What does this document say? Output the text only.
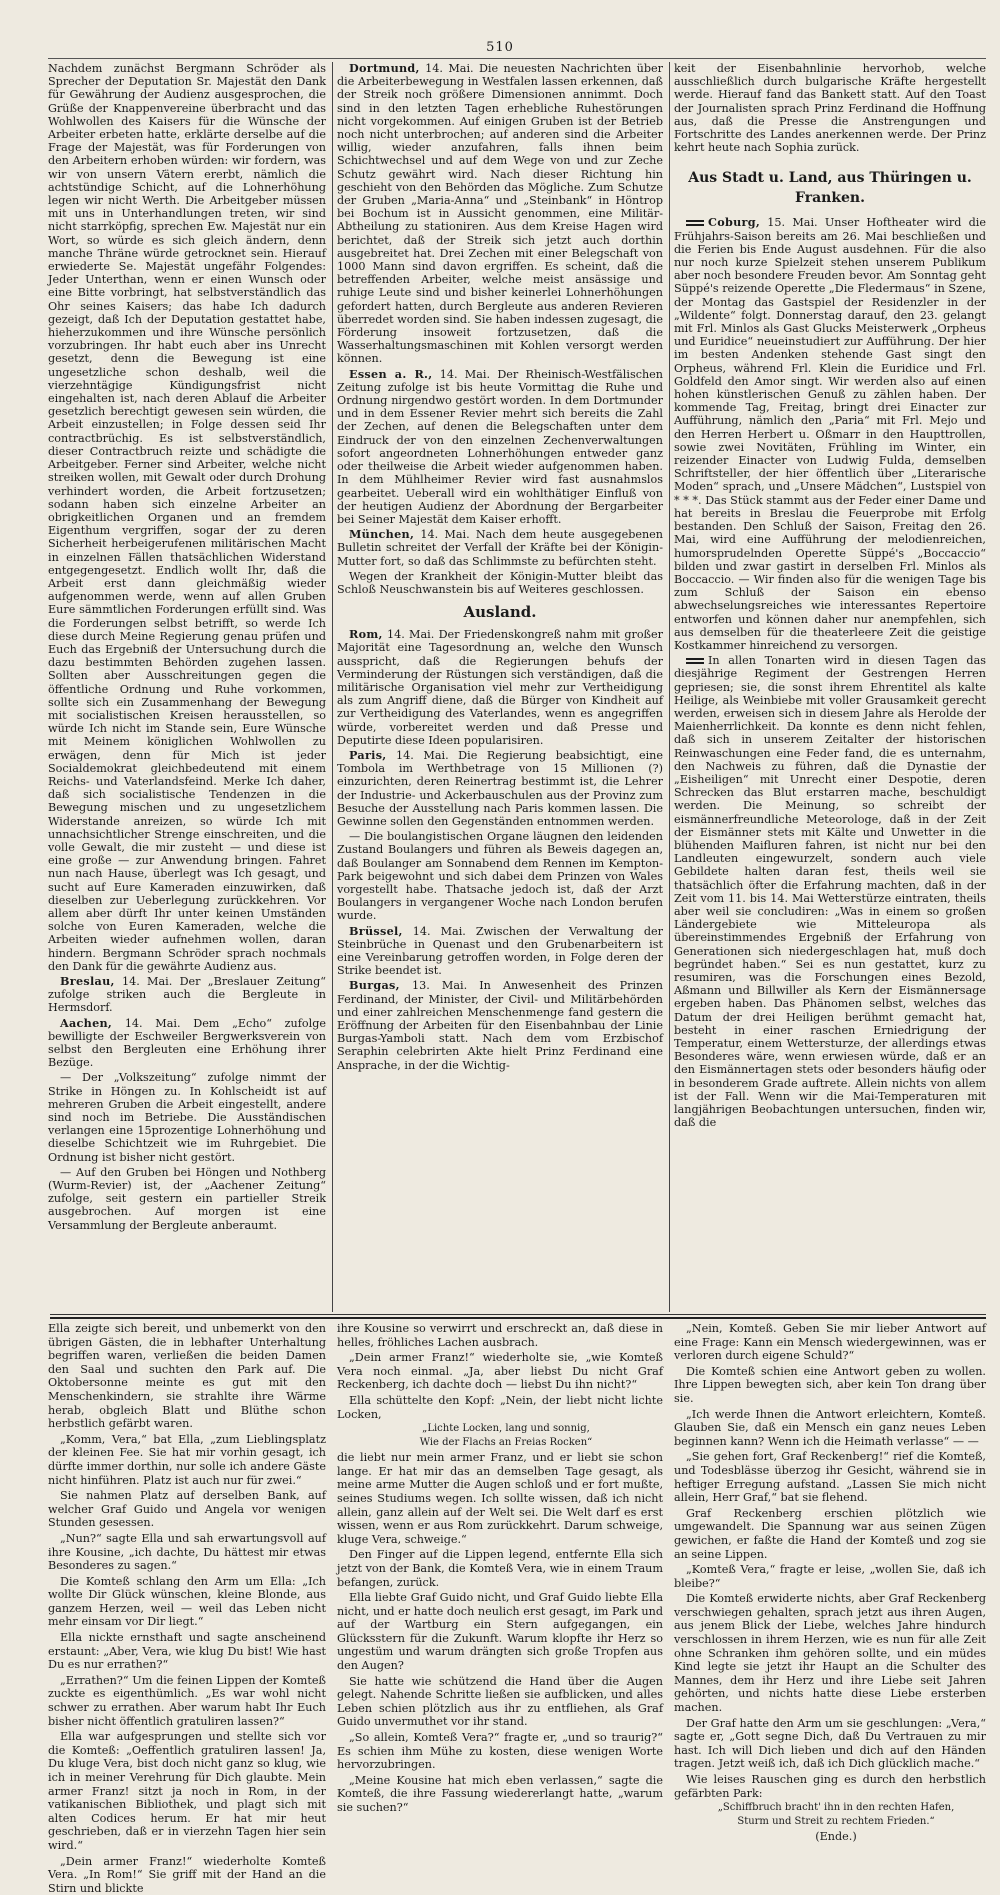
510

Nachdem zunächst Bergmann Schröder als Sprecher der Deputation Sr. Majestät den Dank für Gewährung der Audienz ausgesprochen, die Grüße der Knappenvereine überbracht und das Wohlwollen des Kaisers für die Wünsche der Arbeiter erbeten hatte, erklärte derselbe auf die Frage der Majestät, was für Forderungen von den Arbeitern erhoben würden: wir fordern, was wir von unsern Vätern ererbt, nämlich die achtstündige Schicht, auf die Lohnerhöhung legen wir nicht Werth. Die Arbeitgeber müssen mit uns in Unterhandlungen treten, wir sind nicht starrköpfig, sprechen Ew. Majestät nur ein Wort, so würde es sich gleich ändern, denn manche Thräne würde getrocknet sein. Hierauf erwiederte Se. Majestät ungefähr Folgendes: Jeder Unterthan, wenn er einen Wunsch oder eine Bitte vorbringt, hat selbstverständlich das Ohr seines Kaisers; das habe Ich dadurch gezeigt, daß Ich der Deputation gestattet habe, hieherzukommen und ihre Wünsche persönlich vorzubringen. Ihr habt euch aber ins Unrecht gesetzt, denn die Bewegung ist eine ungesetzliche schon deshalb, weil die vierzehntägige Kündigungsfrist nicht eingehalten ist, nach deren Ablauf die Arbeiter gesetzlich berechtigt gewesen sein würden, die Arbeit einzustellen; in Folge dessen seid Ihr contractbrüchig. Es ist selbstverständlich, dieser Contractbruch reizte und schädigte die Arbeitgeber. Ferner sind Arbeiter, welche nicht streiken wollen, mit Gewalt oder durch Drohung verhindert worden, die Arbeit fortzusetzen; sodann haben sich einzelne Arbeiter an obrigkeitlichen Organen und an fremdem Eigenthum vergriffen, sogar der zu deren Sicherheit herbeigerufenen militärischen Macht in einzelnen Fällen thatsächlichen Widerstand entgegengesetzt. Endlich wollt Ihr, daß die Arbeit erst dann gleichmäßig wieder aufgenommen werde, wenn auf allen Gruben Eure sämmtlichen Forderungen erfüllt sind. Was die Forderungen selbst betrifft, so werde Ich diese durch Meine Regierung genau prüfen und Euch das Ergebniß der Untersuchung durch die dazu bestimmten Behörden zugehen lassen. Sollten aber Ausschreitungen gegen die öffentliche Ordnung und Ruhe vorkommen, sollte sich ein Zusammenhang der Bewegung mit socialistischen Kreisen herausstellen, so würde Ich nicht im Stande sein, Eure Wünsche mit Meinem königlichen Wohlwollen zu erwägen, denn für Mich ist jeder Socialdemokrat gleichbedeutend mit einem Reichs- und Vaterlandsfeind. Merke Ich daher, daß sich socialistische Tendenzen in die Bewegung mischen und zu ungesetzlichem Widerstande anreizen, so würde Ich mit unnachsichtlicher Strenge einschreiten, und die volle Gewalt, die mir zusteht — und diese ist eine große — zur Anwendung bringen. Fahret nun nach Hause, überlegt was Ich gesagt, und sucht auf Eure Kameraden einzuwirken, daß dieselben zur Ueberlegung zurückkehren. Vor allem aber dürft Ihr unter keinen Umständen solche von Euren Kameraden, welche die Arbeiten wieder aufnehmen wollen, daran hindern. Bergmann Schröder sprach nochmals den Dank für die gewährte Audienz aus.

Breslau, 14. Mai. Der „Breslauer Zeitung“ zufolge striken auch die Bergleute in Hermsdorf.

Aachen, 14. Mai. Dem „Echo“ zufolge bewilligte der Eschweiler Bergwerksverein von selbst den Bergleuten eine Erhöhung ihrer Bezüge.

— Der „Volkszeitung“ zufolge nimmt der Strike in Höngen zu. In Kohlscheidt ist auf mehreren Gruben die Arbeit eingestellt, andere sind noch im Betriebe. Die Ausständischen verlangen eine 15prozentige Lohnerhöhung und dieselbe Schichtzeit wie im Ruhrgebiet. Die Ordnung ist bisher nicht gestört.

— Auf den Gruben bei Höngen und Nothberg (Wurm-Revier) ist, der „Aachener Zeitung“ zufolge, seit gestern ein partieller Streik ausgebrochen. Auf morgen ist eine Versammlung der Bergleute anberaumt.

Dortmund, 14. Mai. Die neuesten Nachrichten über die Arbeiterbewegung in Westfalen lassen erkennen, daß der Streik noch größere Dimensionen annimmt. Doch sind in den letzten Tagen erhebliche Ruhestörungen nicht vorgekommen. Auf einigen Gruben ist der Betrieb noch nicht unterbrochen; auf anderen sind die Arbeiter willig, wieder anzufahren, falls ihnen beim Schichtwechsel und auf dem Wege von und zur Zeche Schutz gewährt wird. Nach dieser Richtung hin geschieht von den Behörden das Mögliche. Zum Schutze der Gruben „Maria-Anna“ und „Steinbank“ in Höntrop bei Bochum ist in Aussicht genommen, eine Militär-Abtheilung zu stationiren. Aus dem Kreise Hagen wird berichtet, daß der Streik sich jetzt auch dorthin ausgebreitet hat. Drei Zechen mit einer Belegschaft von 1000 Mann sind davon ergriffen. Es scheint, daß die betreffenden Arbeiter, welche meist ansässige und ruhige Leute sind und bisher keinerlei Lohnerhöhungen gefordert hatten, durch Bergleute aus anderen Revieren überredet worden sind. Sie haben indessen zugesagt, die Förderung insoweit fortzusetzen, daß die Wasserhaltungsmaschinen mit Kohlen versorgt werden können.

Essen a. R., 14. Mai. Der Rheinisch-Westfälischen Zeitung zufolge ist bis heute Vormittag die Ruhe und Ordnung nirgendwo gestört worden. In dem Dortmunder und in dem Essener Revier mehrt sich bereits die Zahl der Zechen, auf denen die Belegschaften unter dem Eindruck der von den einzelnen Zechenverwaltungen sofort angeordneten Lohnerhöhungen entweder ganz oder theilweise die Arbeit wieder aufgenommen haben. In dem Mühlheimer Revier wird fast ausnahmslos gearbeitet. Ueberall wird ein wohlthätiger Einfluß von der heutigen Audienz der Abordnung der Bergarbeiter bei Seiner Majestät dem Kaiser erhofft.

München, 14. Mai. Nach dem heute ausgegebenen Bulletin schreitet der Verfall der Kräfte bei der Königin-Mutter fort, so daß das Schlimmste zu befürchten steht.

Wegen der Krankheit der Königin-Mutter bleibt das Schloß Neuschwanstein bis auf Weiteres geschlossen.

Ausland.

Rom, 14. Mai. Der Friedenskongreß nahm mit großer Majorität eine Tagesordnung an, welche den Wunsch ausspricht, daß die Regierungen behufs der Verminderung der Rüstungen sich verständigen, daß die militärische Organisation viel mehr zur Vertheidigung als zum Angriff diene, daß die Bürger von Kindheit auf zur Vertheidigung des Vaterlandes, wenn es angegriffen würde, vorbereitet werden und daß Presse und Deputirte diese Ideen popularisiren.

Paris, 14. Mai. Die Regierung beabsichtigt, eine Tombola im Werthbetrage von 15 Millionen (?) einzurichten, deren Reinertrag bestimmt ist, die Lehrer der Industrie- und Ackerbauschulen aus der Provinz zum Besuche der Ausstellung nach Paris kommen lassen. Die Gewinne sollen den Gegenständen entnommen werden.

— Die boulangistischen Organe läugnen den leidenden Zustand Boulangers und führen als Beweis dagegen an, daß Boulanger am Sonnabend dem Rennen im Kempton-Park beigewohnt und sich dabei dem Prinzen von Wales vorgestellt habe. Thatsache jedoch ist, daß der Arzt Boulangers in vergangener Woche nach London berufen wurde.

Brüssel, 14. Mai. Zwischen der Verwaltung der Steinbrüche in Quenast und den Grubenarbeitern ist eine Vereinbarung getroffen worden, in Folge deren der Strike beendet ist.

Burgas, 13. Mai. In Anwesenheit des Prinzen Ferdinand, der Minister, der Civil- und Militärbehörden und einer zahlreichen Menschenmenge fand gestern die Eröffnung der Arbeiten für den Eisenbahnbau der Linie Burgas-Yamboli statt. Nach dem vom Erzbischof Seraphin celebrirten Akte hielt Prinz Ferdinand eine Ansprache, in der die Wichtig-

keit der Eisenbahnlinie hervorhob, welche ausschließlich durch bulgarische Kräfte hergestellt werde. Hierauf fand das Bankett statt. Auf den Toast der Journalisten sprach Prinz Ferdinand die Hoffnung aus, daß die Presse die Anstrengungen und Fortschritte des Landes anerkennen werde. Der Prinz kehrt heute nach Sophia zurück.

Aus Stadt u. Land, aus Thüringen u. Franken.

Coburg, 15. Mai. Unser Hoftheater wird die Frühjahrs-Saison bereits am 26. Mai beschließen und die Ferien bis Ende August ausdehnen. Für die also nur noch kurze Spielzeit stehen unserem Publikum aber noch besondere Freuden bevor. Am Sonntag geht Süppé's reizende Operette „Die Fledermaus“ in Szene, der Montag das Gastspiel der Residenzler in der „Wildente“ folgt. Donnerstag darauf, den 23. gelangt mit Frl. Minlos als Gast Glucks Meisterwerk „Orpheus und Euridice“ neueinstudiert zur Aufführung. Der hier im besten Andenken stehende Gast singt den Orpheus, während Frl. Klein die Euridice und Frl. Goldfeld den Amor singt. Wir werden also auf einen hohen künstlerischen Genuß zu zählen haben. Der kommende Tag, Freitag, bringt drei Einacter zur Aufführung, nämlich den „Paria“ mit Frl. Mejo und den Herren Herbert u. Oßmarr in den Haupttrollen, sowie zwei Novitäten, Frühling im Winter, ein reizender Einacter von Ludwig Fulda, demselben Schriftsteller, der hier öffentlich über „Literarische Moden“ sprach, und „Unsere Mädchen“, Lustspiel von * * *. Das Stück stammt aus der Feder einer Dame und hat bereits in Breslau die Feuerprobe mit Erfolg bestanden. Den Schluß der Saison, Freitag den 26. Mai, wird eine Aufführung der melodienreichen, humorsprudelnden Operette Süppé's „Boccaccio“ bilden und zwar gastirt in derselben Frl. Minlos als Boccaccio. — Wir finden also für die wenigen Tage bis zum Schluß der Saison ein ebenso abwechselungsreiches wie interessantes Repertoire entworfen und können daher nur anempfehlen, sich aus demselben für die theaterleere Zeit die geistige Kostkammer hinreichend zu versorgen.

In allen Tonarten wird in diesen Tagen das diesjährige Regiment der Gestrengen Herren gepriesen; sie, die sonst ihrem Ehrentitel als kalte Heilige, als Weinbiebe mit voller Grausamkeit gerecht werden, erweisen sich in diesem Jahre als Herolde der Maienherrlichkeit. Da konnte es denn nicht fehlen, daß sich in unserem Zeitalter der historischen Reinwaschungen eine Feder fand, die es unternahm, den Nachweis zu führen, daß die Dynastie der „Eisheiligen“ mit Unrecht einer Despotie, deren Schrecken das Blut erstarren mache, beschuldigt werden. Die Meinung, so schreibt der eismännerfreundliche Meteorologe, daß in der Zeit der Eismänner stets mit Kälte und Unwetter in die blühenden Maifluren fahren, ist nicht nur bei den Landleuten eingewurzelt, sondern auch viele Gebildete halten daran fest, theils weil sie thatsächlich öfter die Erfahrung machten, daß in der Zeit vom 11. bis 14. Mai Wetterstürze eintraten, theils aber weil sie concludiren: „Was in einem so großen Ländergebiete wie Mitteleuropa als übereinstimmendes Ergebniß der Erfahrung von Generationen sich niedergeschlagen hat, muß doch begründet haben.“ Sei es nun gestattet, kurz zu resumiren, was die Forschungen eines Bezold, Aßmann und Billwiller als Kern der Eismännersage ergeben haben. Das Phänomen selbst, welches das Datum der drei Heiligen berühmt gemacht hat, besteht in einer raschen Erniedrigung der Temperatur, einem Wettersturze, der allerdings etwas Besonderes wäre, wenn erwiesen würde, daß er an den Eismännertagen stets oder besonders häufig oder in besonderem Grade auftrete. Allein nichts von allem ist der Fall. Wenn wir die Mai-Temperaturen mit langjährigen Beobachtungen untersuchen, finden wir, daß die

Ella zeigte sich bereit, und unbemerkt von den übrigen Gästen, die in lebhafter Unterhaltung begriffen waren, verließen die beiden Damen den Saal und suchten den Park auf. Die Oktobersonne meinte es gut mit den Menschenkindern, sie strahlte ihre Wärme herab, obgleich Blatt und Blüthe schon herbstlich gefärbt waren.

„Komm, Vera,“ bat Ella, „zum Lieblingsplatz der kleinen Fee. Sie hat mir vorhin gesagt, ich dürfte immer dorthin, nur solle ich andere Gäste nicht hinführen. Platz ist auch nur für zwei.“

Sie nahmen Platz auf derselben Bank, auf welcher Graf Guido und Angela vor wenigen Stunden gesessen.

„Nun?“ sagte Ella und sah erwartungsvoll auf ihre Kousine, „ich dachte, Du hättest mir etwas Besonderes zu sagen.“

Die Komteß schlang den Arm um Ella: „Ich wollte Dir Glück wünschen, kleine Blonde, aus ganzem Herzen, weil — weil das Leben nicht mehr einsam vor Dir liegt.“

Ella nickte ernsthaft und sagte anscheinend erstaunt: „Aber, Vera, wie klug Du bist! Wie hast Du es nur errathen?“

„Errathen?“ Um die feinen Lippen der Komteß zuckte es eigenthümlich. „Es war wohl nicht schwer zu errathen. Aber warum habt Ihr Euch bisher nicht öffentlich gratuliren lassen?“

Ella war aufgesprungen und stellte sich vor die Komteß: „Oeffentlich gratuliren lassen! Ja, Du kluge Vera, bist doch nicht ganz so klug, wie ich in meiner Verehrung für Dich glaubte. Mein armer Franz! sitzt ja noch in Rom, in der vatikanischen Bibliothek, und plagt sich mit alten Codices herum. Er hat mir heut geschrieben, daß er in vierzehn Tagen hier sein wird.“

„Dein armer Franz!“ wiederholte Komteß Vera. „In Rom!“ Sie griff mit der Hand an die Stirn und blickte

ihre Kousine so verwirrt und erschreckt an, daß diese in helles, fröhliches Lachen ausbrach.

„Dein armer Franz!“ wiederholte sie, „wie Komteß Vera noch einmal. „Ja, aber liebst Du nicht Graf Reckenberg, ich dachte doch — liebst Du ihn nicht?“

Ella schüttelte den Kopf: „Nein, der liebt nicht lichte Locken,

„Lichte Locken, lang und sonnig,

Wie der Flachs an Freias Rocken“

die liebt nur mein armer Franz, und er liebt sie schon lange. Er hat mir das an demselben Tage gesagt, als meine arme Mutter die Augen schloß und er fort mußte, seines Studiums wegen. Ich sollte wissen, daß ich nicht allein, ganz allein auf der Welt sei. Die Welt darf es erst wissen, wenn er aus Rom zurückkehrt. Darum schweige, kluge Vera, schweige.“

Den Finger auf die Lippen legend, entfernte Ella sich jetzt von der Bank, die Komteß Vera, wie in einem Traum befangen, zurück.

Ella liebte Graf Guido nicht, und Graf Guido liebte Ella nicht, und er hatte doch neulich erst gesagt, im Park und auf der Wartburg ein Stern aufgegangen, ein Glücksstern für die Zukunft. Warum klopfte ihr Herz so ungestüm und warum drängten sich große Tropfen aus den Augen?

Sie hatte wie schützend die Hand über die Augen gelegt. Nahende Schritte ließen sie aufblicken, und alles Leben schien plötzlich aus ihr zu entfliehen, als Graf Guido unvermuthet vor ihr stand.

„So allein, Komteß Vera?“ fragte er, „und so traurig?“ Es schien ihm Mühe zu kosten, diese wenigen Worte hervorzubringen.

„Meine Kousine hat mich eben verlassen,“ sagte die Komteß, die ihre Fassung wiedererlangt hatte, „warum sie suchen?“

„Nein, Komteß. Geben Sie mir lieber Antwort auf eine Frage: Kann ein Mensch wiedergewinnen, was er verloren durch eigene Schuld?“

Die Komteß schien eine Antwort geben zu wollen. Ihre Lippen bewegten sich, aber kein Ton drang über sie.

„Ich werde Ihnen die Antwort erleichtern, Komteß. Glauben Sie, daß ein Mensch ein ganz neues Leben beginnen kann? Wenn ich die Heimath verlasse“ — —

„Sie gehen fort, Graf Reckenberg!“ rief die Komteß, und Todesblässe überzog ihr Gesicht, während sie in heftiger Erregung aufstand. „Lassen Sie mich nicht allein, Herr Graf,“ bat sie flehend.

Graf Reckenberg erschien plötzlich wie umgewandelt. Die Spannung war aus seinen Zügen gewichen, er faßte die Hand der Komteß und zog sie an seine Lippen.

„Komteß Vera,“ fragte er leise, „wollen Sie, daß ich bleibe?“

Die Komteß erwiderte nichts, aber Graf Reckenberg verschwiegen gehalten, sprach jetzt aus ihren Augen, aus jenem Blick der Liebe, welches Jahre hindurch verschlossen in ihrem Herzen, wie es nun für alle Zeit ohne Schranken ihm gehören sollte, und ein müdes Kind legte sie jetzt ihr Haupt an die Schulter des Mannes, dem ihr Herz und ihre Liebe seit Jahren gehörten, und nichts hatte diese Liebe ersterben machen.

Der Graf hatte den Arm um sie geschlungen: „Vera,“ sagte er, „Gott segne Dich, daß Du Vertrauen zu mir hast. Ich will Dich lieben und dich auf den Händen tragen. Jetzt weiß ich, daß ich Dich glücklich mache.“

Wie leises Rauschen ging es durch den herbstlich gefärbten Park:

„Schiffbruch bracht' ihn in den rechten Hafen,

Sturm und Streit zu rechtem Frieden.“

(Ende.)
